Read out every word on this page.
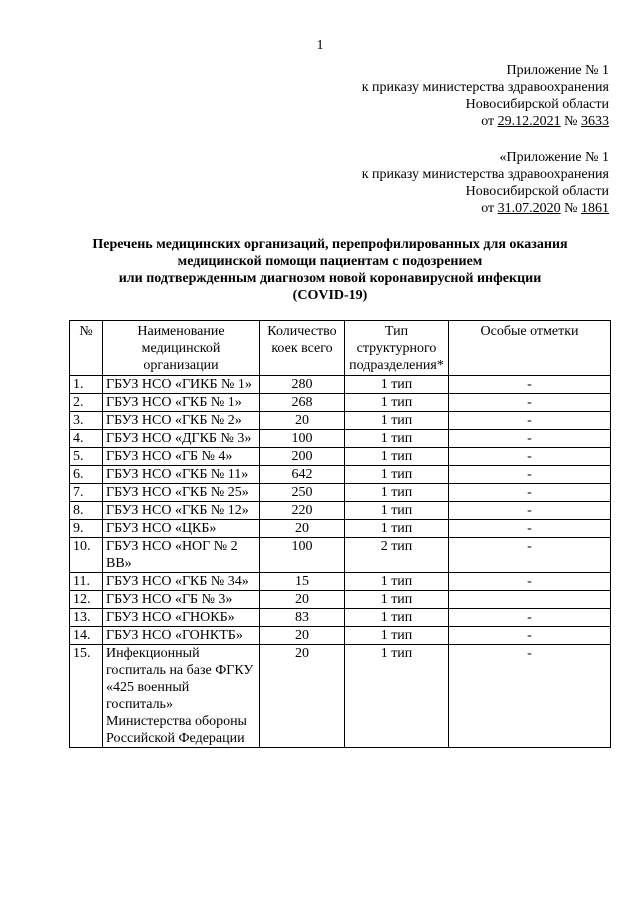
1
Приложение № 1
к приказу министерства здравоохранения
Новосибирской области
от 29.12.2021 № 3633
«Приложение № 1
к приказу министерства здравоохранения
Новосибирской области
от 31.07.2020 № 1861
Перечень медицинских организаций, перепрофилированных для оказания
медицинской помощи пациентам с подозрением
или подтвержденным диагнозом новой коронавирусной инфекции
(COVID-19)
№	Наименование медицинской организации	Количество коек всего	Тип структурного подразделения*	Особые отметки
1.	ГБУЗ НСО «ГИКБ № 1»	280	1 тип	-
2.	ГБУЗ НСО «ГКБ № 1»	268	1 тип	-
3.	ГБУЗ НСО «ГКБ № 2»	20	1 тип	-
4.	ГБУЗ НСО «ДГКБ № 3»	100	1 тип	-
5.	ГБУЗ НСО «ГБ № 4»	200	1 тип	-
6.	ГБУЗ НСО «ГКБ № 11»	642	1 тип	-
7.	ГБУЗ НСО «ГКБ № 25»	250	1 тип	-
8.	ГБУЗ НСО «ГКБ № 12»	220	1 тип	-
9.	ГБУЗ НСО «ЦКБ»	20	1 тип	-
10.	ГБУЗ НСО «НОГ № 2 ВВ»	100	2 тип	-
11.	ГБУЗ НСО «ГКБ № 34»	15	1 тип	-
12.	ГБУЗ НСО «ГБ № 3»	20	1 тип	
13.	ГБУЗ НСО «ГНОКБ»	83	1 тип	-
14.	ГБУЗ НСО «ГОНКТБ»	20	1 тип	-
15.	Инфекционный госпиталь на базе ФГКУ «425 военный госпиталь» Министерства обороны Российской Федерации	20	1 тип	-
